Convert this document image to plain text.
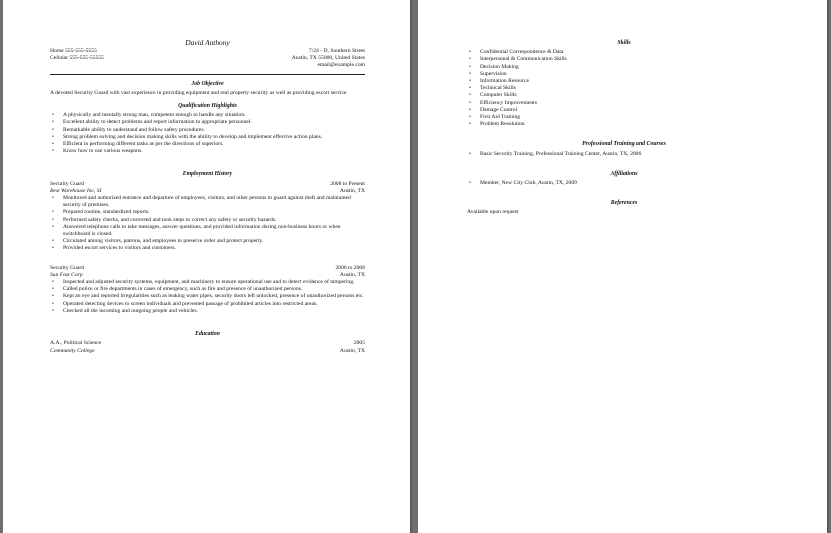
David Anthony
Home 555-555-5555	7/24 - D, Southern Street
Cellular 555-555-55555	Austin, TX 55000, United States
email@example.com
Job Objective
A devoted Security Guard with vast experience in providing equipment and real property security as well as providing escort service
Qualification Highlights
• A physically and mentally strong man, competent enough to handle any situation.
• Excellent ability to detect problems and report information to appropriate personnel.
• Remarkable ability to understand and follow safety procedures.
• Strong problem solving and decision making skills with the ability to develop and implement effective action plans.
• Efficient in performing different tasks as per the directions of superiors.
• Know how to use various weapons.
Employment History
Security Guard	2008 to Present
Best Warehouse Inc, SI	Austin, TX
• Monitored and authorized entrance and departure of employees, visitors, and other persons to guard against theft and maintained security of premises.
• Prepared routine, standardized reports.
• Performed safety checks, and corrected and took steps to correct any safety or security hazards.
• Answered telephone calls to take messages, answer questions, and provided information during non-business hours or when switchboard is closed.
• Circulated among visitors, patrons, and employees to preserve order and protect property.
• Provided escort services to visitors and customers.
Security Guard	2006 to 2008
Sun Fast Corp	Austin, TX
• Inspected and adjusted security systems, equipment, and machinery to ensure operational use and to detect evidence of tampering.
• Called police or fire departments in cases of emergency, such as fire and presence of unauthorized persons.
• Kept an eye and reported irregularities such as leaking water pipes, security doors left unlocked, presence of unauthorized persons etc.
• Operated detecting devices to screen individuals and prevented passage of prohibited articles into restricted areas.
• Checked all the incoming and outgoing people and vehicles.
Education
A.A., Political Science	2005
Community College	Austin, TX
Skills
• Confidential Correspondence & Data
• Interpersonal & Communication Skills
• Decision Making
• Supervision
• Information Resource
• Technical Skills
• Computer Skills
• Efficiency Improvements
• Damage Control
• First Aid Training
• Problem Resolution
Professional Training and Courses
• Basic Security Training, Professional Training Center, Austin, TX, 2006
Affiliations
• Member, New City Club, Austin, TX, 2009
References
Available upon request
